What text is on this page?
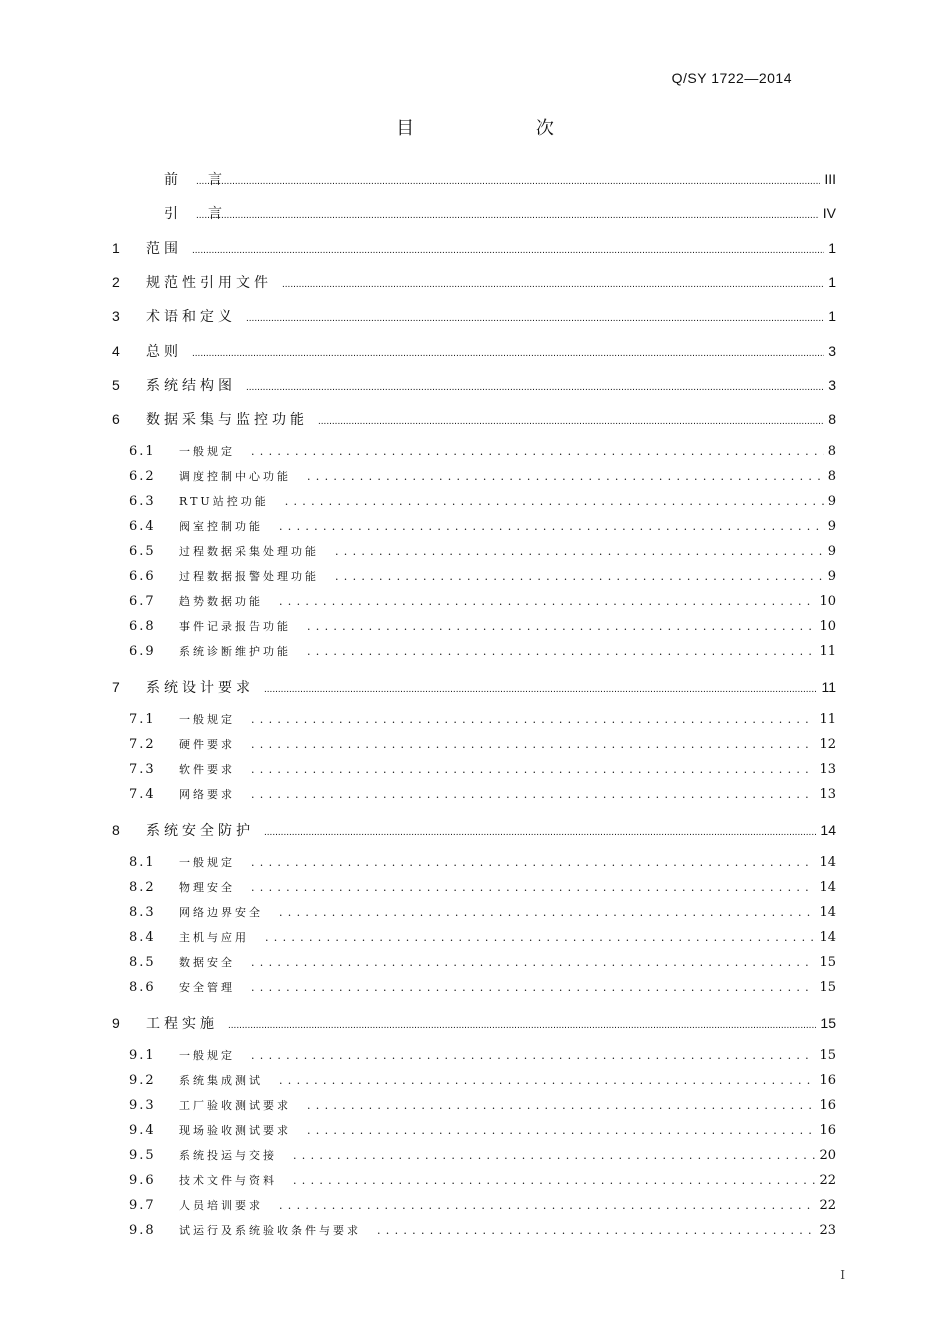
Q/SY 1722—2014
目 次
前言 .....	III
引言 .....	IV
1	范围 .....	1
2	规范性引用文件 .....	1
3	术语和定义 .....	1
4	总则 .....	3
5	系统结构图 .....	3
6	数据采集与监控功能 .....	8
6.1	一般规定 .....	8
6.2	调度控制中心功能 .....	8
6.3	RTU站控功能 .....	9
6.4	阀室控制功能 .....	9
6.5	过程数据采集处理功能 .....	9
6.6	过程数据报警处理功能 .....	9
6.7	趋势数据功能 .....	10
6.8	事件记录报告功能 .....	10
6.9	系统诊断维护功能 .....	11
7	系统设计要求 .....	11
7.1	一般规定 .....	11
7.2	硬件要求 .....	12
7.3	软件要求 .....	13
7.4	网络要求 .....	13
8	系统安全防护 .....	14
8.1	一般规定 .....	14
8.2	物理安全 .....	14
8.3	网络边界安全 .....	14
8.4	主机与应用 .....	14
8.5	数据安全 .....	15
8.6	安全管理 .....	15
9	工程实施 .....	15
9.1	一般规定 .....	15
9.2	系统集成测试 .....	16
9.3	工厂验收测试要求 .....	16
9.4	现场验收测试要求 .....	16
9.5	系统投运与交接 .....	20
9.6	技术文件与资料 .....	22
9.7	人员培训要求 .....	22
9.8	试运行及系统验收条件与要求 .....	23
I
